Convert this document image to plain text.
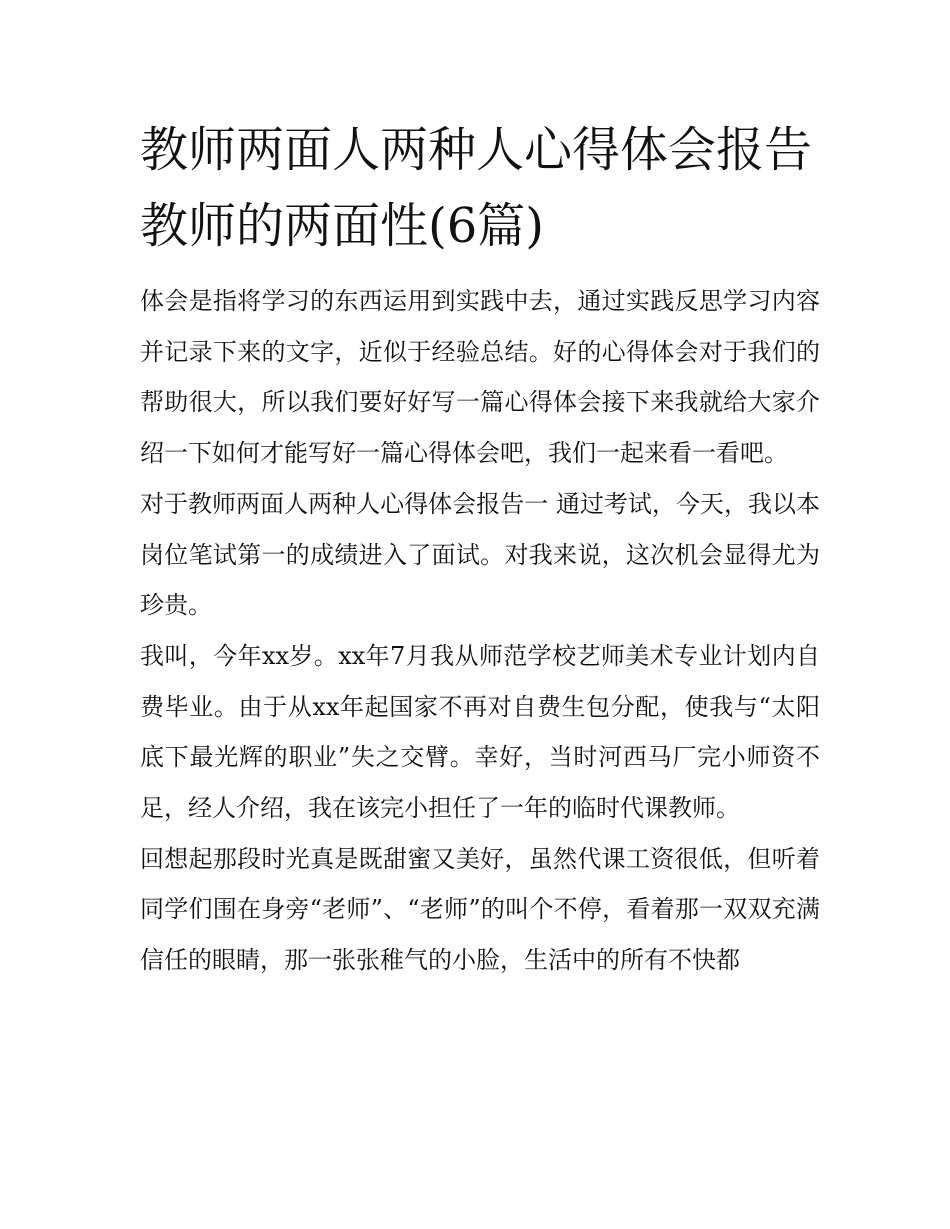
教师两面人两种人心得体会报告 教师的两面性(6篇)

体会是指将学习的东西运用到实践中去，通过实践反思学习内容并记录下来的文字，近似于经验总结。好的心得体会对于我们的帮助很大，所以我们要好好写一篇心得体会接下来我就给大家介绍一下如何才能写好一篇心得体会吧，我们一起来看一看吧。

对于教师两面人两种人心得体会报告一 通过考试，今天，我以本岗位笔试第一的成绩进入了面试。对我来说，这次机会显得尤为珍贵。

我叫，今年xx岁。xx年7月我从师范学校艺师美术专业计划内自费毕业。由于从xx年起国家不再对自费生包分配，使我与“太阳底下最光辉的职业”失之交臂。幸好，当时河西马厂完小师资不足，经人介绍，我在该完小担任了一年的临时代课教师。

回想起那段时光真是既甜蜜又美好，虽然代课工资很低，但听着同学们围在身旁“老师”、“老师”的叫个不停，看着那一双双充满信任的眼睛，那一张张稚气的小脸，生活中的所有不快都
